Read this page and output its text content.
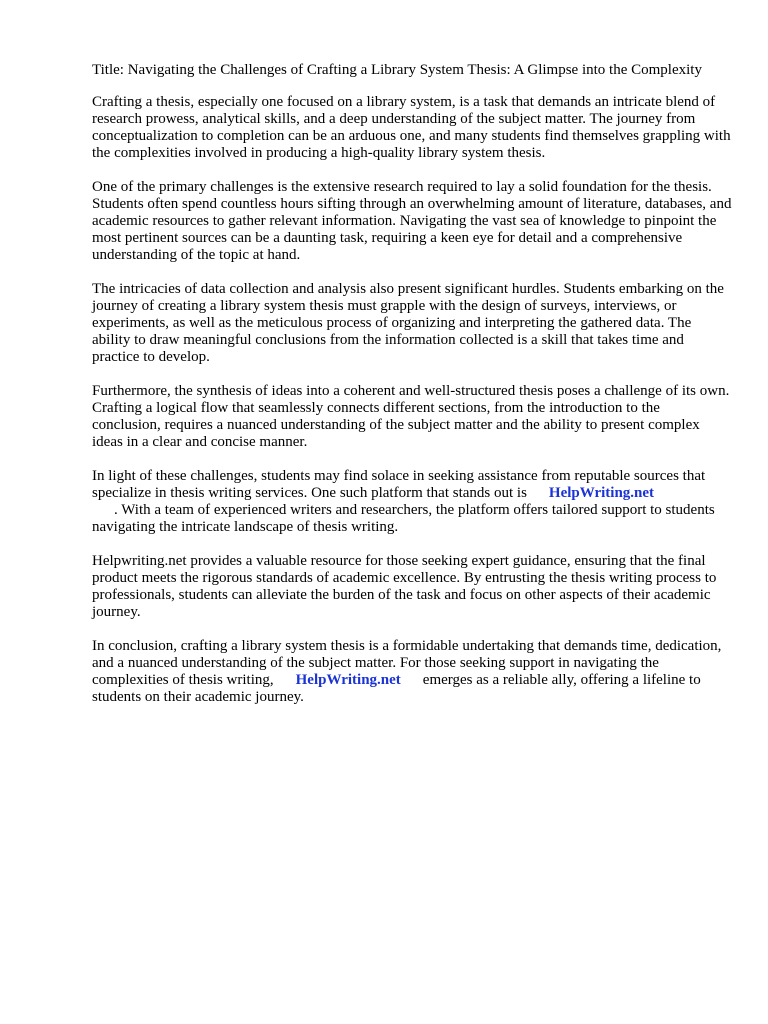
Title: Navigating the Challenges of Crafting a Library System Thesis: A Glimpse into the Complexity

Crafting a thesis, especially one focused on a library system, is a task that demands an intricate blend of research prowess, analytical skills, and a deep understanding of the subject matter. The journey from conceptualization to completion can be an arduous one, and many students find themselves grappling with the complexities involved in producing a high-quality library system thesis.

One of the primary challenges is the extensive research required to lay a solid foundation for the thesis. Students often spend countless hours sifting through an overwhelming amount of literature, databases, and academic resources to gather relevant information. Navigating the vast sea of knowledge to pinpoint the most pertinent sources can be a daunting task, requiring a keen eye for detail and a comprehensive understanding of the topic at hand.

The intricacies of data collection and analysis also present significant hurdles. Students embarking on the journey of creating a library system thesis must grapple with the design of surveys, interviews, or experiments, as well as the meticulous process of organizing and interpreting the gathered data. The ability to draw meaningful conclusions from the information collected is a skill that takes time and practice to develop.

Furthermore, the synthesis of ideas into a coherent and well-structured thesis poses a challenge of its own. Crafting a logical flow that seamlessly connects different sections, from the introduction to the conclusion, requires a nuanced understanding of the subject matter and the ability to present complex ideas in a clear and concise manner.

In light of these challenges, students may find solace in seeking assistance from reputable sources that specialize in thesis writing services. One such platform that stands out is HelpWriting.net
. With a team of experienced writers and researchers, the platform offers tailored support to students navigating the intricate landscape of thesis writing.

Helpwriting.net provides a valuable resource for those seeking expert guidance, ensuring that the final product meets the rigorous standards of academic excellence. By entrusting the thesis writing process to professionals, students can alleviate the burden of the task and focus on other aspects of their academic journey.

In conclusion, crafting a library system thesis is a formidable undertaking that demands time, dedication, and a nuanced understanding of the subject matter. For those seeking support in navigating the complexities of thesis writing, HelpWriting.net emerges as a reliable ally, offering a lifeline to students on their academic journey.
